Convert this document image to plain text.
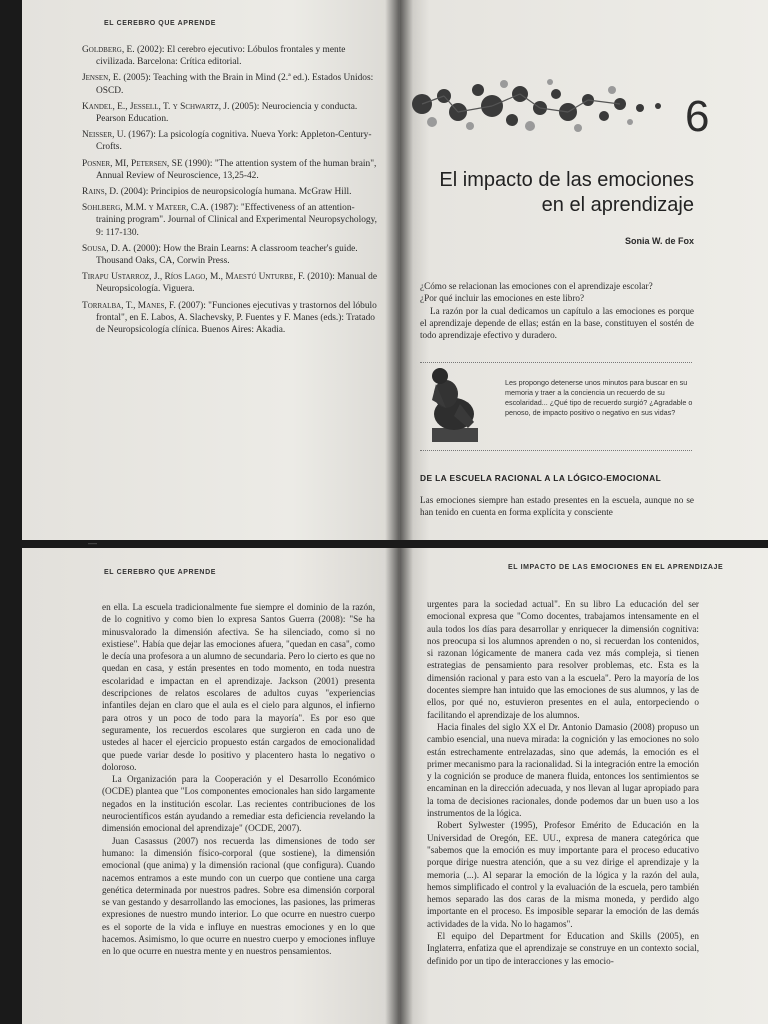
EL CEREBRO QUE APRENDE
Goldberg, E. (2002): El cerebro ejecutivo: Lóbulos frontales y mente civilizada. Barcelona: Crítica editorial.
Jensen, E. (2005): Teaching with the Brain in Mind (2.ª ed.). Estados Unidos: OSCD.
Kandel, E., Jessell, T. y Schwartz, J. (2005): Neurociencia y conducta. Pearson Education.
Neisser, U. (1967): La psicología cognitiva. Nueva York: Appleton-Century-Crofts.
Posner, MI, Petersen, SE (1990): "The attention system of the human brain", Annual Review of Neuroscience, 13,25-42.
Rains, D. (2004): Principios de neuropsicología humana. McGraw Hill.
Sohlberg, M.M. y Mateer, C.A. (1987): "Effectiveness of an attention-training program". Journal of Clinical and Experimental Neuropsychology, 9: 117-130.
Sousa, D. A. (2000): How the Brain Learns: A classroom teacher's guide. Thousand Oaks, CA, Corwin Press.
Tirapu Ustarroz, J., Ríos Lago, M., Maestú Unturbe, F. (2010): Manual de Neuropsicología. Viguera.
Torralba, T., Manes, F. (2007): "Funciones ejecutivas y trastornos del lóbulo frontal", en E. Labos, A. Slachevsky, P. Fuentes y F. Manes (eds.): Tratado de Neuropsicología clínica. Buenos Aires: Akadia.
6
El impacto de las emociones
en el aprendizaje
Sonia W. de Fox

¿Cómo se relacionan las emociones con el aprendizaje escolar?

¿Por qué incluir las emociones en este libro?

La razón por la cual dedicamos un capítulo a las emociones es porque el aprendizaje depende de ellas; están en la base, constituyen el sostén de todo aprendizaje efectivo y duradero.

Les propongo detenerse unos minutos para buscar en su memoria y traer a la conciencia un recuerdo de su escolaridad... ¿Qué tipo de recuerdo surgió? ¿Agradable o penoso, de impacto positivo o negativo en sus vidas?
DE LA ESCUELA RACIONAL A LA LÓGICO-EMOCIONAL

Las emociones siempre han estado presentes en la escuela, aunque no se han tenido en cuenta en forma explícita y consciente

—
EL CEREBRO QUE APRENDE

en ella. La escuela tradicionalmente fue siempre el dominio de la razón, de lo cognitivo y como bien lo expresa Santos Guerra (2008): "Se ha minusvalorado la dimensión afectiva. Se ha silenciado, como si no existiese". Había que dejar las emociones afuera, "quedan en casa", como le decía una profesora a un alumno de secundaria. Pero lo cierto es que no quedan en casa, y están presentes en todo momento, en toda nuestra escolaridad e impactan en el aprendizaje. Jackson (2001) presenta descripciones de relatos escolares de adultos cuyas "experiencias infantiles dejan en claro que el aula es el cielo para algunos, el infierno para otros y un poco de todo para la mayoría". Es por eso que seguramente, los recuerdos escolares que surgieron en cada uno de ustedes al hacer el ejercicio propuesto están cargados de emocionalidad que puede variar desde lo positivo y placentero hasta lo negativo o doloroso.

La Organización para la Cooperación y el Desarrollo Económico (OCDE) plantea que "Los componentes emocionales han sido largamente negados en la institución escolar. Las recientes contribuciones de los neurocientíficos están ayudando a remediar esta deficiencia revelando la dimensión emocional del aprendizaje" (OCDE, 2007).

Juan Casassus (2007) nos recuerda las dimensiones de todo ser humano: la dimensión físico-corporal (que sostiene), la dimensión emocional (que anima) y la dimensión racional (que configura). Cuando nacemos entramos a este mundo con un cuerpo que contiene una carga genética determinada por nuestros padres. Sobre esa dimensión corporal se van gestando y desarrollando las emociones, las pasiones, las primeras expresiones de nuestro mundo interior. Lo que ocurre en nuestro cuerpo es el soporte de la vida e influye en nuestras emociones y en lo que hacemos. Asimismo, lo que ocurre en nuestro cuerpo y emociones influye en lo que ocurre en nuestra mente y en nuestros pensamientos.

EL IMPACTO DE LAS EMOCIONES EN EL APRENDIZAJE

urgentes para la sociedad actual". En su libro La educación del ser emocional expresa que "Como docentes, trabajamos intensamente en el aula todos los días para desarrollar y enriquecer la dimensión cognitiva: nos preocupa si los alumnos aprenden o no, si recuerdan los contenidos, si razonan lógicamente de manera cada vez más compleja, si tienen estrategias de pensamiento para resolver problemas, etc. Esta es la dimensión racional y para esto van a la escuela". Pero la mayoría de los docentes siempre han intuido que las emociones de sus alumnos, y las de ellos, por qué no, estuvieron presentes en el aula, entorpeciendo o facilitando el aprendizaje de los alumnos.

Hacia finales del siglo XX el Dr. Antonio Damasio (2008) propuso un cambio esencial, una nueva mirada: la cognición y las emociones no solo están estrechamente entrelazadas, sino que además, la emoción es el primer mecanismo para la racionalidad. Si la integración entre la emoción y la cognición se produce de manera fluida, entonces los sentimientos se encaminan en la dirección adecuada, y nos llevan al lugar apropiado para la toma de decisiones racionales, donde podemos dar un buen uso a los instrumentos de la lógica.

Robert Sylwester (1995), Profesor Emérito de Educación en la Universidad de Oregón, EE. UU., expresa de manera categórica que "sabemos que la emoción es muy importante para el proceso educativo porque dirige nuestra atención, que a su vez dirige el aprendizaje y la memoria (...). Al separar la emoción de la lógica y la razón del aula, hemos simplificado el control y la evaluación de la escuela, pero también hemos separado las dos caras de la misma moneda, y perdido algo importante en el proceso. Es imposible separar la emoción de las demás actividades de la vida. No lo hagamos".

El equipo del Department for Education and Skills (2005), en Inglaterra, enfatiza que el aprendizaje se construye en un contexto social, definido por un tipo de interacciones y las emocio-
